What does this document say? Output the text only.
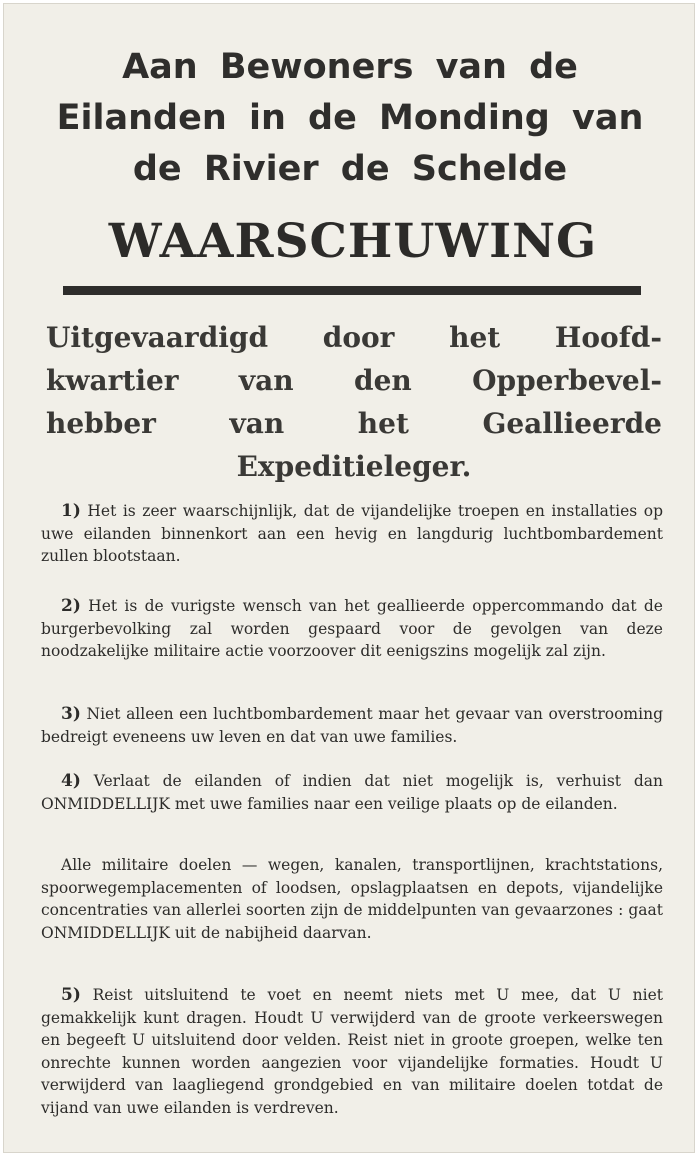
Aan Bewoners van de
Eilanden in de Monding van
de Rivier de Schelde
WAARSCHUWING
Uitgevaardigd door het Hoofd-
kwartier van den Opperbevel-
hebber	van	het	Geallieerde
Expeditieleger.

1) Het is zeer waarschijnlijk, dat de vijandelijke troepen en installaties op uwe eilanden binnenkort aan een hevig en langdurig luchtbombardement zullen blootstaan.

2) Het is de vurigste wensch van het geallieerde oppercommando dat de burgerbevolking zal worden gespaard voor de gevolgen van deze noodzakelijke militaire actie voorzoover dit eenigszins mogelijk zal zijn.

3) Niet alleen een luchtbombardement maar het gevaar van overstrooming bedreigt eveneens uw leven en dat van uwe families.

4) Verlaat de eilanden of indien dat niet mogelijk is, verhuist dan ONMIDDELLIJK met uwe families naar een veilige plaats op de eilanden.

Alle militaire doelen — wegen, kanalen, transportlijnen, krachtstations, spoorwegemplacementen of loodsen, opslagplaatsen en depots, vijandelijke concentraties van allerlei soorten zijn de middelpunten van gevaarzones : gaat ONMIDDELLIJK uit de nabijheid daarvan.

5) Reist uitsluitend te voet en neemt niets met U mee, dat U niet gemakkelijk kunt dragen. Houdt U verwijderd van de groote verkeerswegen en begeeft U uitsluitend door velden. Reist niet in groote groepen, welke ten onrechte kunnen worden aangezien voor vijandelijke formaties. Houdt U verwijderd van laagliegend grondgebied en van militaire doelen totdat de vijand van uwe eilanden is verdreven.
